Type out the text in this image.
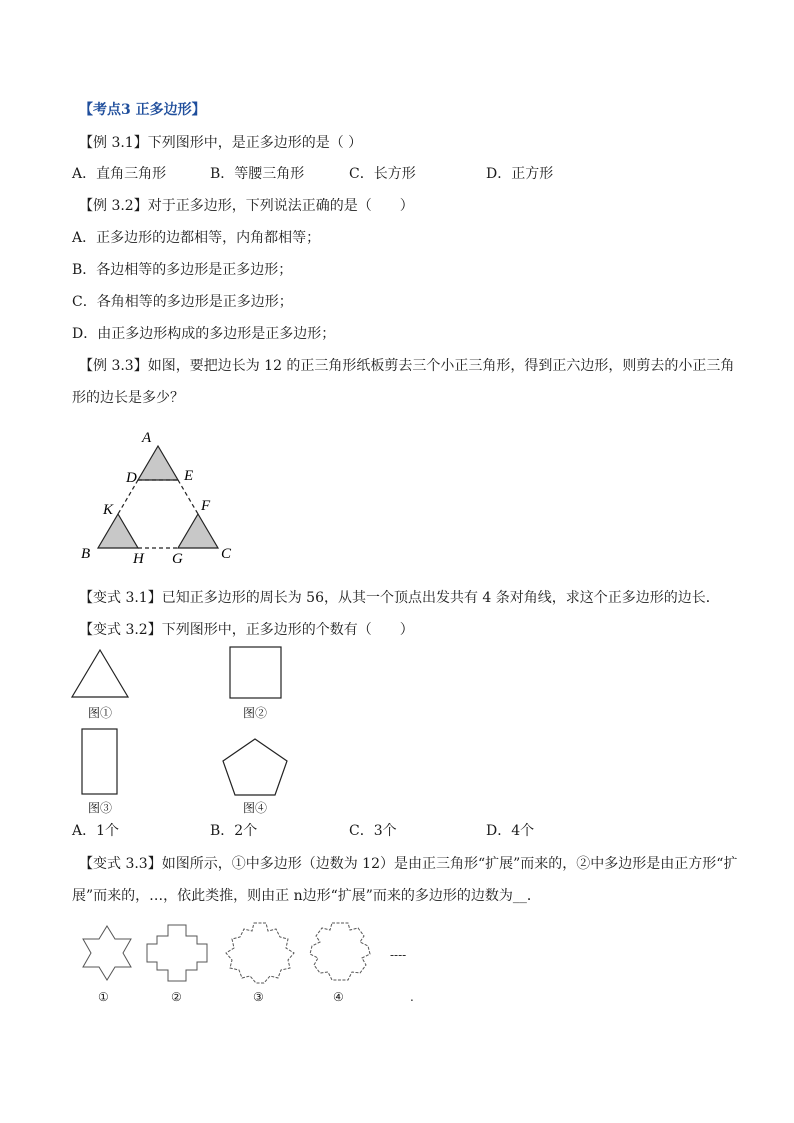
【考点3 正多边形】
【例 3.1】下列图形中，是正多边形的是（ ）
A．直角三角形	B．等腰三角形	C．长方形	D．正方形
【例 3.2】对于正多边形，下列说法正确的是（　　）
A．正多边形的边都相等，内角都相等；
B．各边相等的多边形是正多边形；
C．各角相等的多边形是正多边形；
D．由正多边形构成的多边形是正多边形；
【例 3.3】如图，要把边长为 12 的正三角形纸板剪去三个小正三角形，得到正六边形，则剪去的小正三角
形的边长是多少？
A
D	E
K	F
B	H G	C
【变式 3.1】已知正多边形的周长为 56，从其一个顶点出发共有 4 条对角线，求这个正多边形的边长．
【变式 3.2】下列图形中，正多边形的个数有（　　）
图①	图②
图③	图④
A．1个	B．2个	C．3个	D．4个
【变式 3.3】如图所示，①中多边形（边数为 12）是由正三角形“扩展”而来的，②中多边形是由正方形“扩
展”而来的，…，依此类推，则由正 n边形“扩展”而来的多边形的边数为__．
----
①	②	③	④	.
